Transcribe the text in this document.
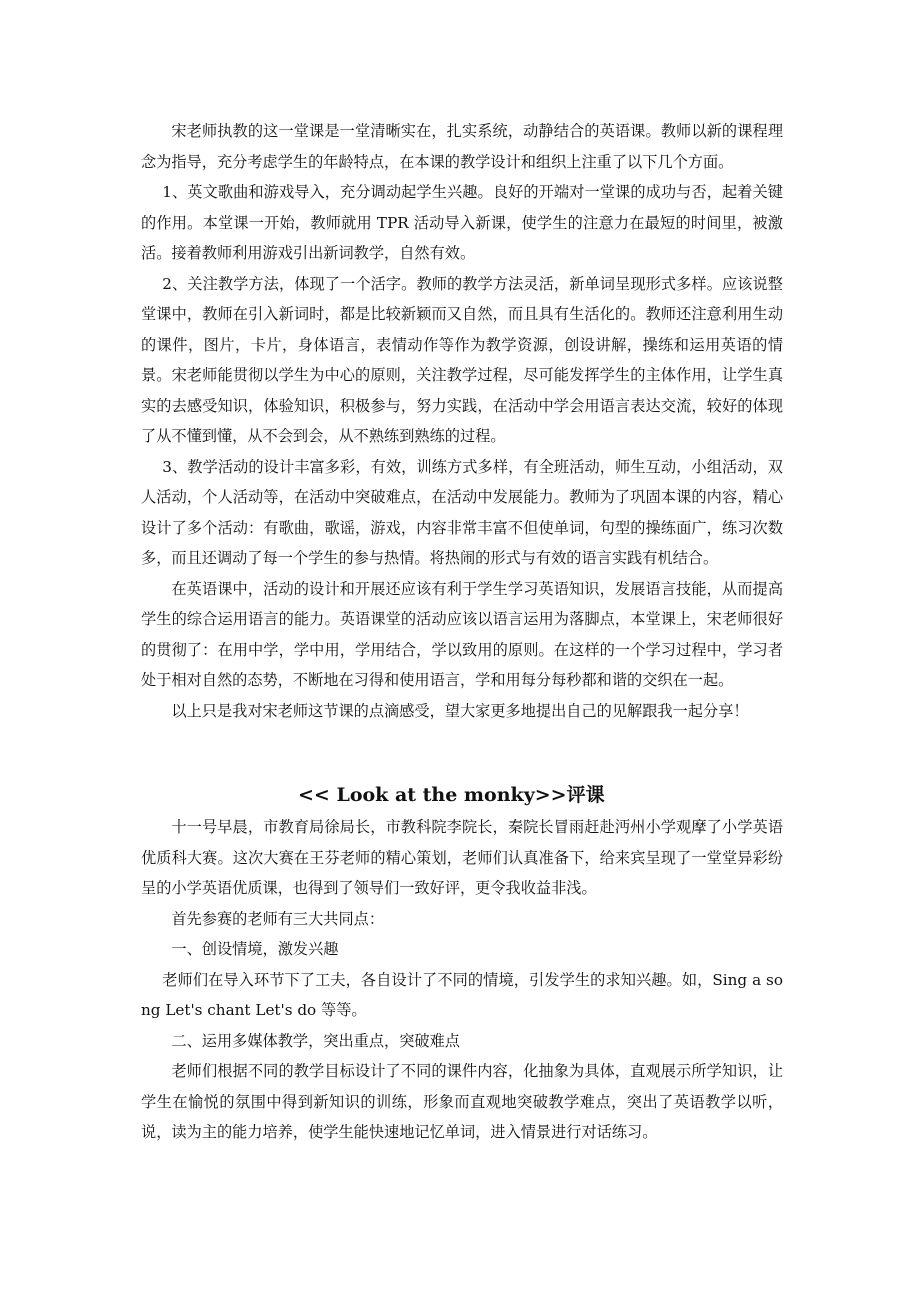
宋老师执教的这一堂课是一堂清晰实在，扎实系统，动静结合的英语课。教师以新的课程理念为指导，充分考虑学生的年龄特点，在本课的教学设计和组织上注重了以下几个方面。

1、英文歌曲和游戏导入，充分调动起学生兴趣。良好的开端对一堂课的成功与否，起着关键的作用。本堂课一开始，教师就用 TPR 活动导入新课，使学生的注意力在最短的时间里，被激活。接着教师利用游戏引出新词教学，自然有效。

2、关注教学方法，体现了一个活字。教师的教学方法灵活，新单词呈现形式多样。应该说整堂课中，教师在引入新词时，都是比较新颖而又自然，而且具有生活化的。教师还注意利用生动的课件，图片，卡片，身体语言，表情动作等作为教学资源，创设讲解，操练和运用英语的情景。宋老师能贯彻以学生为中心的原则，关注教学过程，尽可能发挥学生的主体作用，让学生真实的去感受知识，体验知识，积极参与，努力实践，在活动中学会用语言表达交流，较好的体现了从不懂到懂，从不会到会，从不熟练到熟练的过程。

3、教学活动的设计丰富多彩，有效，训练方式多样，有全班活动，师生互动，小组活动，双人活动，个人活动等，在活动中突破难点，在活动中发展能力。教师为了巩固本课的内容，精心设计了多个活动：有歌曲，歌谣，游戏，内容非常丰富不但使单词，句型的操练面广，练习次数多，而且还调动了每一个学生的参与热情。将热闹的形式与有效的语言实践有机结合。

在英语课中，活动的设计和开展还应该有利于学生学习英语知识，发展语言技能，从而提高学生的综合运用语言的能力。英语课堂的活动应该以语言运用为落脚点，本堂课上，宋老师很好的贯彻了：在用中学，学中用，学用结合，学以致用的原则。在这样的一个学习过程中，学习者处于相对自然的态势，不断地在习得和使用语言，学和用每分每秒都和谐的交织在一起。

以上只是我对宋老师这节课的点滴感受，望大家更多地提出自己的见解跟我一起分享！

<< Look at the monky>>评课

十一号早晨，市教育局徐局长，市教科院李院长，秦院长冒雨赶赴沔州小学观摩了小学英语优质科大赛。这次大赛在王芬老师的精心策划，老师们认真准备下，给来宾呈现了一堂堂异彩纷呈的小学英语优质课，也得到了领导们一致好评，更令我收益非浅。

首先参赛的老师有三大共同点：

一、创设情境，激发兴趣

老师们在导入环节下了工夫，各自设计了不同的情境，引发学生的求知兴趣。如，Sing a song Let's chant Let's do 等等。

二、运用多媒体教学，突出重点，突破难点

老师们根据不同的教学目标设计了不同的课件内容，化抽象为具体，直观展示所学知识，让学生在愉悦的氛围中得到新知识的训练，形象而直观地突破教学难点，突出了英语教学以听，说，读为主的能力培养，使学生能快速地记忆单词，进入情景进行对话练习。
